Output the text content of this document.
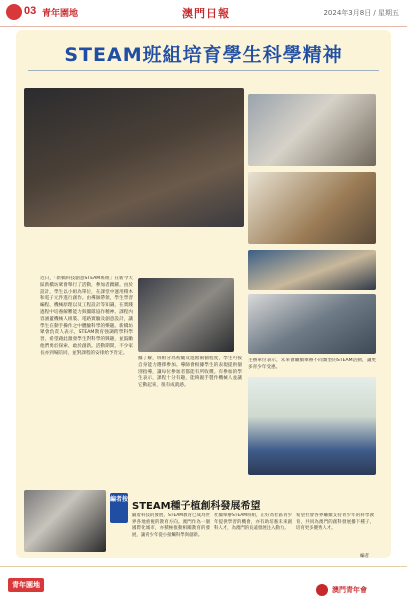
03 青年園地	澳門日報	2024年3月8日 / 星期五
STEAM班組培育學生科學精神
近日，「新橋科技創意STEAM班組」在新今天區新橋坊眾會舉行了活動，參加者踴躍。由於設計，學生以小組為單位，在課堂中運用積木和電子元件進行創作。由導師帶領，學生學習編程、機械原理以及工程設計等知識，在實踐過程中培養解難能力與團隊協作精神。課程內容涵蓋機械人組裝、電路實驗及創意設計，讓學生在動手操作之中體驗科學的樂趣。新橋坊眾會負責人表示，STEAM教育強調跨學科學習，希望藉此激發學生對科學的興趣，並鼓勵他們勇於探索、敢於創新。活動期間，不少家長亦到場陪同，並對課程的安排給予肯定。
據了解，班組分為初級及進階兩個程度，學生可按自身能力選擇參加。導師會根據學生的表現提供個別指導，讓每位參加者都能有所收穫。有參加的學生表示，課程十分有趣，能夠親手製作機械人並讓它動起來，很有成就感。
主辦單位表示，未來會繼續舉辦不同類型的STEAM活動，讓更多青少年受惠。
編者按
STEAM種子植創科發展希望
隨着科技的發展，STEAM教育已成為世界各地重視的教育方向。澳門作為一個國際化城市，亦積極推動相關教育的發展，讓青少年從小接觸科學與創新。
社團舉辦STEAM班組，正好為社區青少年提供學習的機會，亦有助培養未來創科人才，為澳門的長遠發展注入動力。
希望社會各界繼續支持青少年的科學教育，共同為澳門的創科發展播下種子，培育更多優秀人才。
編者
青年園地
澳門青年會
